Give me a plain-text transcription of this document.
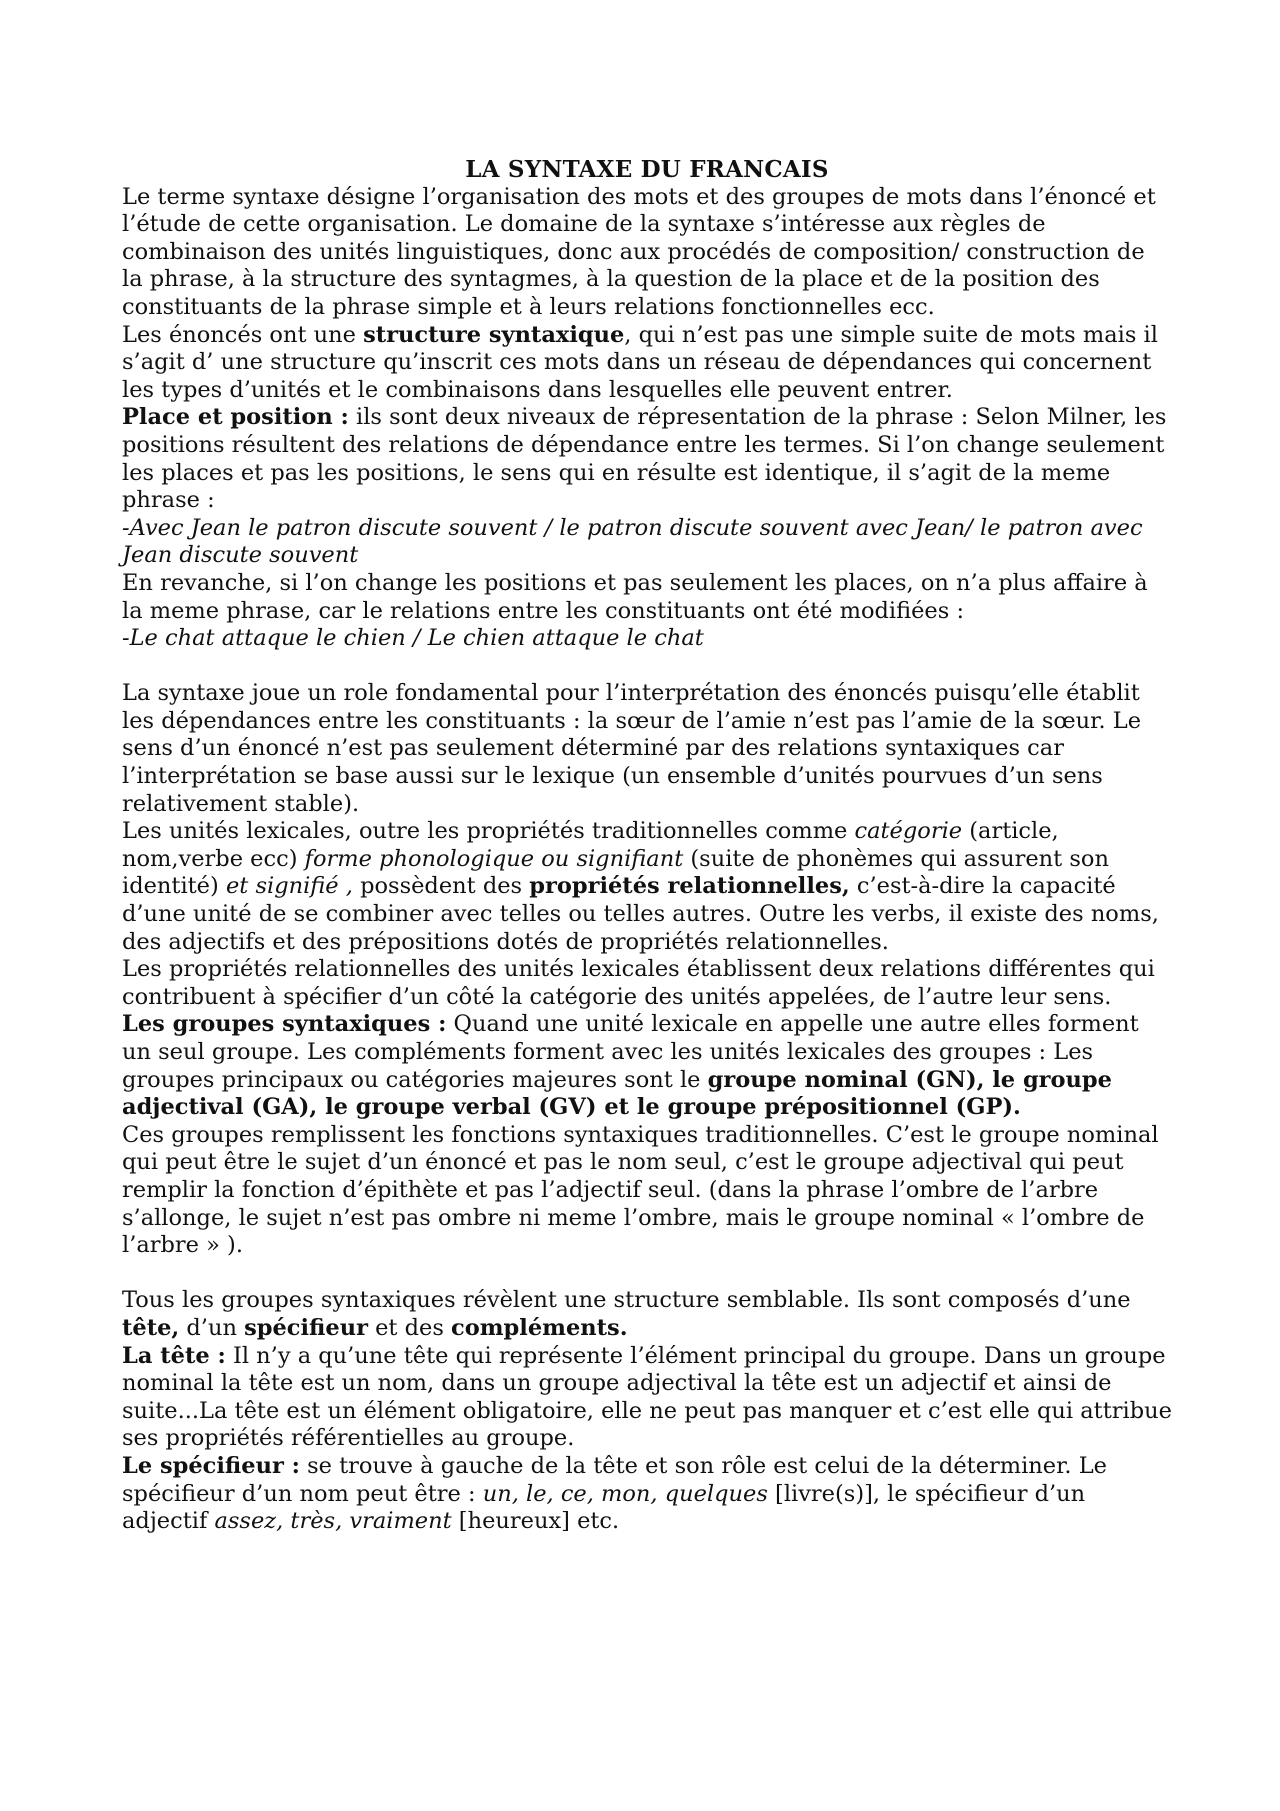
LA SYNTAXE DU FRANCAIS

Le terme syntaxe désigne l’organisation des mots et des groupes de mots dans l’énoncé et l’étude de cette organisation. Le domaine de la syntaxe s’intéresse aux règles de combinaison des unités linguistiques, donc aux procédés de composition/ construction de la phrase, à la structure des syntagmes, à la question de la place et de la position des constituants de la phrase simple et à leurs relations fonctionnelles ecc.

Les énoncés ont une structure syntaxique, qui n’est pas une simple suite de mots mais il s’agit d’ une structure qu’inscrit ces mots dans un réseau de dépendances qui concernent les types d’unités et le combinaisons dans lesquelles elle peuvent entrer.

Place et position : ils sont deux niveaux de répresentation de la phrase : Selon Milner, les positions résultent des relations de dépendance entre les termes. Si l’on change seulement les places et pas les positions, le sens qui en résulte est identique, il s’agit de la meme phrase :

-Avec Jean le patron discute souvent / le patron discute souvent avec Jean/ le patron avec Jean discute souvent

En revanche, si l’on change les positions et pas seulement les places, on n’a plus affaire à la meme phrase, car le relations entre les constituants ont été modifiées :

-Le chat attaque le chien / Le chien attaque le chat

La syntaxe joue un role fondamental pour l’interprétation des énoncés puisqu’elle établit les dépendances entre les constituants : la sœur de l’amie n’est pas l’amie de la sœur. Le sens d’un énoncé n’est pas seulement déterminé par des relations syntaxiques car l’interprétation se base aussi sur le lexique (un ensemble d’unités pourvues d’un sens relativement stable).

Les unités lexicales, outre les propriétés traditionnelles comme catégorie (article, nom,verbe ecc) forme phonologique ou signifiant (suite de phonèmes qui assurent son identité) et signifié , possèdent des propriétés relationnelles, c’est-à-dire la capacité d’une unité de se combiner avec telles ou telles autres. Outre les verbs, il existe des noms, des adjectifs et des prépositions dotés de propriétés relationnelles.

Les propriétés relationnelles des unités lexicales établissent deux relations différentes qui contribuent à spécifier d’un côté la catégorie des unités appelées, de l’autre leur sens.

Les groupes syntaxiques : Quand une unité lexicale en appelle une autre elles forment un seul groupe. Les compléments forment avec les unités lexicales des groupes : Les groupes principaux ou catégories majeures sont le groupe nominal (GN), le groupe adjectival (GA), le groupe verbal (GV) et le groupe prépositionnel (GP).

Ces groupes remplissent les fonctions syntaxiques traditionnelles. C’est le groupe nominal qui peut être le sujet d’un énoncé et pas le nom seul, c’est le groupe adjectival qui peut remplir la fonction d’épithète et pas l’adjectif seul. (dans la phrase l’ombre de l’arbre s’allonge, le sujet n’est pas ombre ni meme l’ombre, mais le groupe nominal « l’ombre de l’arbre » ).

Tous les groupes syntaxiques révèlent une structure semblable. Ils sont composés d’une tête, d’un spécifieur et des compléments.

La tête : Il n’y a qu’une tête qui représente l’élément principal du groupe. Dans un groupe nominal la tête est un nom, dans un groupe adjectival la tête est un adjectif et ainsi de suite...La tête est un élément obligatoire, elle ne peut pas manquer et c’est elle qui attribue ses propriétés référentielles au groupe.

Le spécifieur : se trouve à gauche de la tête et son rôle est celui de la déterminer. Le spécifieur d’un nom peut être : un, le, ce, mon, quelques [livre(s)], le spécifieur d’un adjectif assez, très, vraiment [heureux] etc.
